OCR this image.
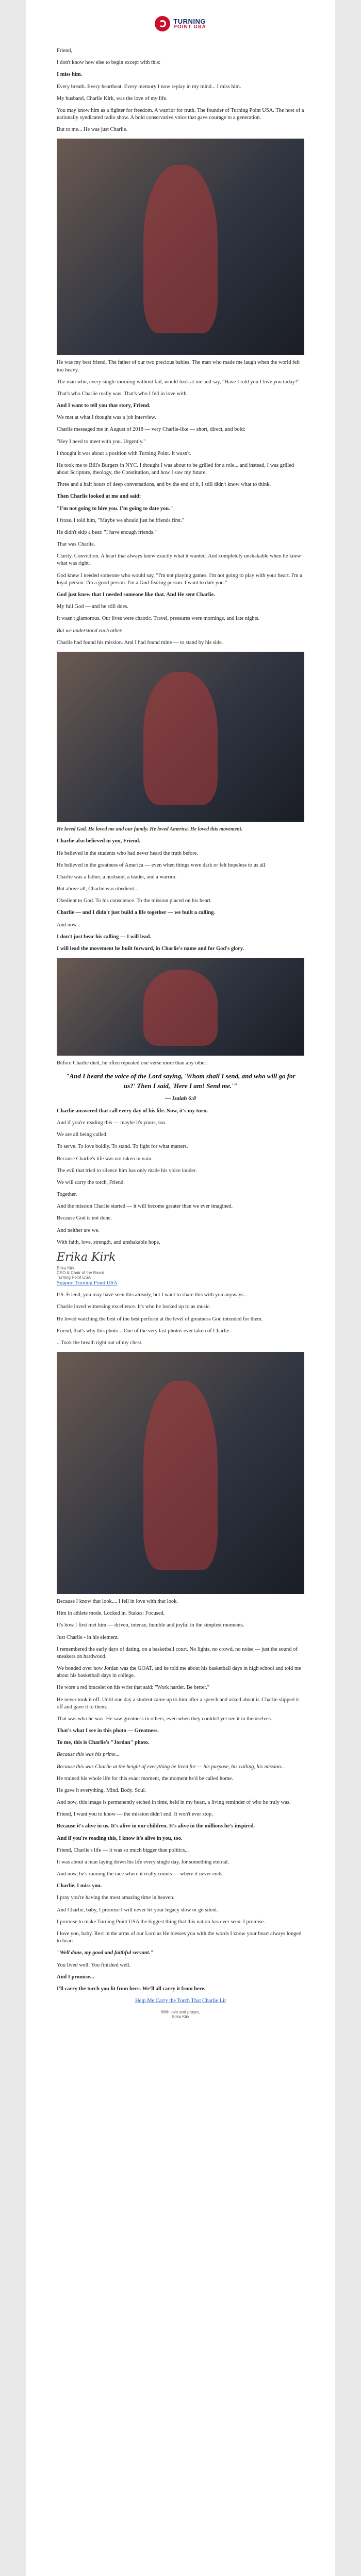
TURNING
POINT USA

Friend,

I don't know how else to begin except with this:

I miss him.

Every breath. Every heartbeat. Every memory I now replay in my mind... I miss him.

My husband, Charlie Kirk, was the love of my life.

You may know him as a fighter for freedom. A warrior for truth. The founder of Turning Point USA. The host of a nationally syndicated radio show. A bold conservative voice that gave courage to a generation.

But to me... He was just Charlie.

He was my best friend. The father of our two precious babies. The man who made me laugh when the world felt too heavy.

The man who, every single morning without fail, would look at me and say, "Have I told you I love you today?"

That's who Charlie really was. That's who I fell in love with.

And I want to tell you that story, Friend.

We met at what I thought was a job interview.

Charlie messaged me in August of 2018 — very Charlie-like — short, direct, and bold:

"Hey I need to meet with you. Urgently."

I thought it was about a position with Turning Point. It wasn't.

He took me to Bill's Burgers in NYC. I thought I was about to be grilled for a role... and instead, I was grilled about Scripture, theology, the Constitution, and how I saw my future.

Three and a half hours of deep conversations, and by the end of it, I still didn't know what to think.

Then Charlie looked at me and said:

"I'm not going to hire you. I'm going to date you."

I froze. I told him, "Maybe we should just be friends first."

He didn't skip a beat: "I have enough friends."

That was Charlie.

Clarity. Conviction. A heart that always knew exactly what it wanted. And completely unshakable when he knew what was right.

God knew I needed someone who would say, "I'm not playing games. I'm not going to play with your heart. I'm a loyal person. I'm a good person. I'm a God-fearing person. I want to date you."

God just knew that I needed someone like that. And He sent Charlie.

My full God — and he still does.

It wasn't glamorous. Our lives were chaotic. Travel, pressures were mornings, and late nights.

But we understood each other.

Charlie had found his mission. And I had found mine — to stand by his side.

He loved God. He loved me and our family. He loved America. He loved this movement.

Charlie also believed in you, Friend.

He believed in the students who had never heard the truth before.

He believed in the greatness of America — even when things were dark or felt hopeless to us all.

Charlie was a father, a husband, a leader, and a warrior.

But above all, Charlie was obedient...

Obedient to God. To his conscience. To the mission placed on his heart.

Charlie — and I didn't just build a life together — we built a calling.

And now...

I don't just bear his calling — I will lead.

I will lead the movement he built forward, in Charlie's name and for God's glory.

Before Charlie died, he often repeated one verse more than any other:

"And I heard the voice of the Lord saying, 'Whom shall I send, and who will go for us?' Then I said, 'Here I am! Send me.'"
— Isaiah 6:8

Charlie answered that call every day of his life. Now, it's my turn.

And if you're reading this — maybe it's yours, too.

We are all being called.

To serve. To love boldly. To stand. To fight for what matters.

Because Charlie's life was not taken in vain.

The evil that tried to silence him has only made his voice louder.

We will carry the torch, Friend.

Together.

And the mission Charlie started — it will become greater than we ever imagined.

Because God is not done.

And neither are we.

With faith, love, strength, and unshakable hope,

Erika Kirk
Erika Kirk
CEO & Chair of the Board
Turning Point USA

Support Turning Point USA

P.S. Friend, you may have seen this already, but I want to share this with you anyways...

Charlie loved witnessing excellence. It's who he looked up to as music.

He loved watching the best of the best perform at the level of greatness God intended for them.

Friend, that's why this photo... One of the very last photos ever taken of Charlie.

...Took the breath right out of my chest.

Because I know that look.... I fell in love with that look.

Him in athlete mode. Locked in. Stakes: Focused.

It's how I first met him — driven, intense, humble and joyful in the simplest moments.

Just Charlie - in his element.

I remembered the early days of dating, on a basketball court. No lights, no crowd, no noise — just the sound of sneakers on hardwood.

We bonded over how Jordan was the GOAT, and he told me about his basketball days in high school and told me about his basketball days in college.

He wore a red bracelet on his wrist that said: "Work harder. Be better."

He never took it off. Until one day a student came up to him after a speech and asked about it. Charlie slipped it off and gave it to them.

That was who he was. He saw greatness in others, even when they couldn't yet see it in themselves.

That's what I see in this photo — Greatness.

To me, this is Charlie's "Jordan" photo.

Because this was his prime...

Because this was Charlie at the height of everything he lived for — his purpose, his calling, his mission...

He trained his whole life for this exact moment, the moment he'd be called home.

He gave it everything. Mind. Body. Soul.

And now, this image is permanently etched in time, held in my heart, a living reminder of who he truly was.

Friend, I want you to know — the mission didn't end. It won't ever stop.

Because it's alive in us. It's alive in our children. It's alive in the millions he's inspired.

And if you're reading this, I know it's alive in you, too.

Friend, Charlie's life — it was so much bigger than politics...

It was about a man laying down his life every single day, for something eternal.

And now, he's running the race where it really counts — where it never ends.

Charlie, I miss you.

I pray you're having the most amazing time in heaven.

And Charlie, baby, I promise I will never let your legacy slow or go silent.

I promise to make Turning Point USA the biggest thing that this nation has ever seen. I promise.

I love you, baby. Rest in the arms of our Lord as He blesses you with the words I know your heart always longed to hear:

"Well done, my good and faithful servant."

You lived well. You finished well.

And I promise...

I'll carry the torch you lit from here. We'll all carry it from here.

Help Me Carry the Torch That Charlie Lit

With love and prayer,
Erika Kirk
